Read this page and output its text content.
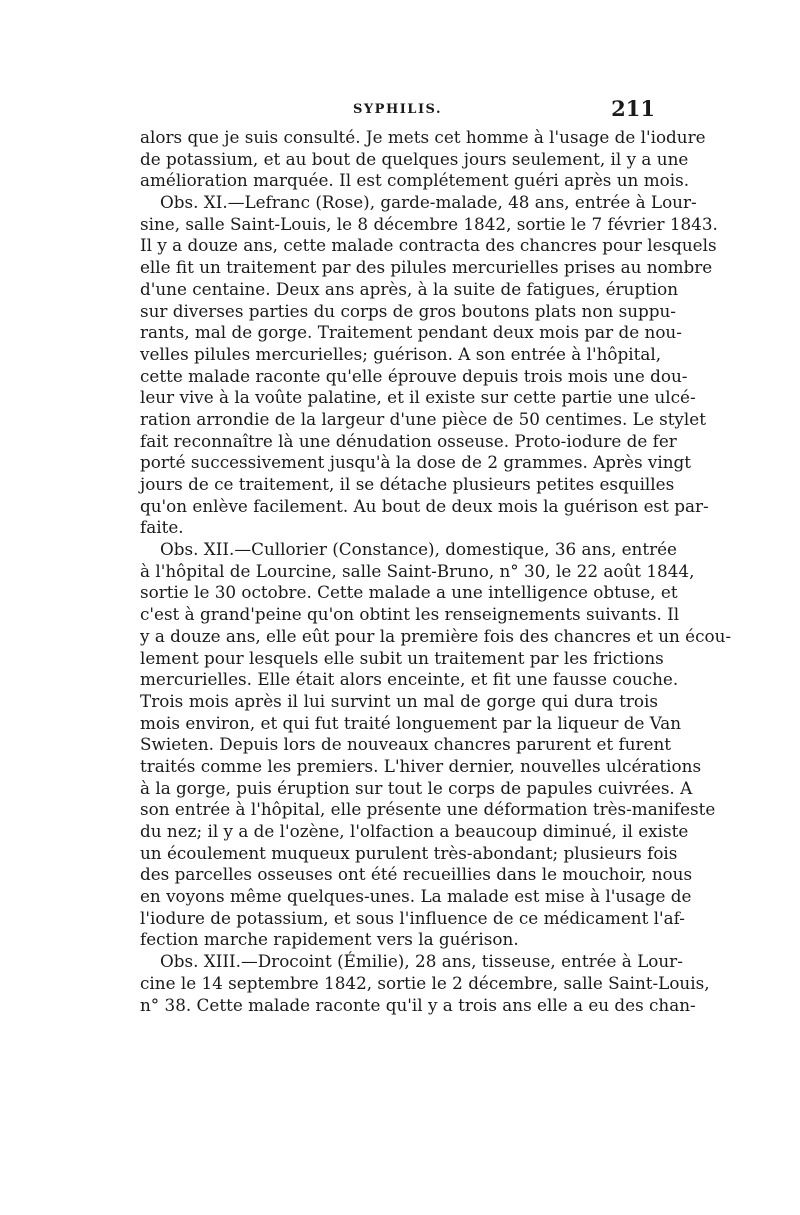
SYPHILIS.	211
alors que je suis consulté. Je mets cet homme à l'usage de l'iodure
de potassium, et au bout de quelques jours seulement, il y a une
amélioration marquée. Il est complétement guéri après un mois.
Obs. XI.—Lefranc (Rose), garde-malade, 48 ans, entrée à Lour-
sine, salle Saint-Louis, le 8 décembre 1842, sortie le 7 février 1843.
Il y a douze ans, cette malade contracta des chancres pour lesquels
elle fit un traitement par des pilules mercurielles prises au nombre
d'une centaine. Deux ans après, à la suite de fatigues, éruption
sur diverses parties du corps de gros boutons plats non suppu-
rants, mal de gorge. Traitement pendant deux mois par de nou-
velles pilules mercurielles; guérison. A son entrée à l'hôpital,
cette malade raconte qu'elle éprouve depuis trois mois une dou-
leur vive à la voûte palatine, et il existe sur cette partie une ulcé-
ration arrondie de la largeur d'une pièce de 50 centimes. Le stylet
fait reconnaître là une dénudation osseuse. Proto-iodure de fer
porté successivement jusqu'à la dose de 2 grammes. Après vingt
jours de ce traitement, il se détache plusieurs petites esquilles
qu'on enlève facilement. Au bout de deux mois la guérison est par-
faite.
Obs. XII.—Cullorier (Constance), domestique, 36 ans, entrée
à l'hôpital de Lourcine, salle Saint-Bruno, n° 30, le 22 août 1844,
sortie le 30 octobre. Cette malade a une intelligence obtuse, et
c'est à grand'peine qu'on obtint les renseignements suivants. Il
y a douze ans, elle eût pour la première fois des chancres et un écou-
lement pour lesquels elle subit un traitement par les frictions
mercurielles. Elle était alors enceinte, et fit une fausse couche.
Trois mois après il lui survint un mal de gorge qui dura trois
mois environ, et qui fut traité longuement par la liqueur de Van
Swieten. Depuis lors de nouveaux chancres parurent et furent
traités comme les premiers. L'hiver dernier, nouvelles ulcérations
à la gorge, puis éruption sur tout le corps de papules cuivrées. A
son entrée à l'hôpital, elle présente une déformation très-manifeste
du nez; il y a de l'ozène, l'olfaction a beaucoup diminué, il existe
un écoulement muqueux purulent très-abondant; plusieurs fois
des parcelles osseuses ont été recueillies dans le mouchoir, nous
en voyons même quelques-unes. La malade est mise à l'usage de
l'iodure de potassium, et sous l'influence de ce médicament l'af-
fection marche rapidement vers la guérison.
Obs. XIII.—Drocoint (Émilie), 28 ans, tisseuse, entrée à Lour-
cine le 14 septembre 1842, sortie le 2 décembre, salle Saint-Louis,
n° 38. Cette malade raconte qu'il y a trois ans elle a eu des chan-
